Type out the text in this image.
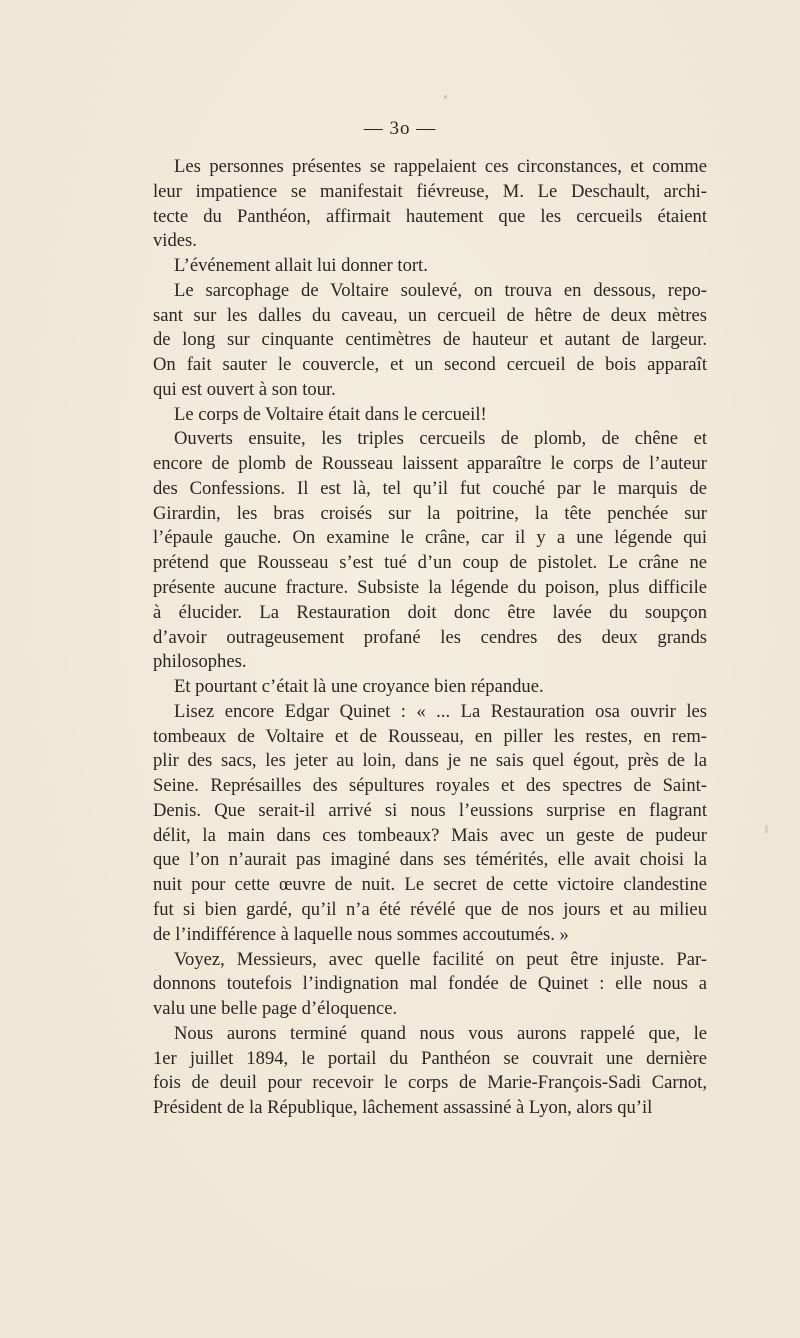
— 3o —
Les personnes présentes se rappelaient ces circonstances, et comme
leur impatience se manifestait fiévreuse, M. Le Deschault, archi-
tecte du Panthéon, affirmait hautement que les cercueils étaient
vides.
L’événement allait lui donner tort.
Le sarcophage de Voltaire soulevé, on trouva en dessous, repo-
sant sur les dalles du caveau, un cercueil de hêtre de deux mètres
de long sur cinquante centimètres de hauteur et autant de largeur.
On fait sauter le couvercle, et un second cercueil de bois apparaît
qui est ouvert à son tour.
Le corps de Voltaire était dans le cercueil!
Ouverts ensuite, les triples cercueils de plomb, de chêne et
encore de plomb de Rousseau laissent apparaître le corps de l’auteur
des Confessions. Il est là, tel qu’il fut couché par le marquis de
Girardin, les bras croisés sur la poitrine, la tête penchée sur
l’épaule gauche. On examine le crâne, car il y a une légende qui
prétend que Rousseau s’est tué d’un coup de pistolet. Le crâne ne
présente aucune fracture. Subsiste la légende du poison, plus difficile
à élucider. La Restauration doit donc être lavée du soupçon
d’avoir outrageusement profané les cendres des deux grands
philosophes.
Et pourtant c’était là une croyance bien répandue.
Lisez encore Edgar Quinet : « ... La Restauration osa ouvrir les
tombeaux de Voltaire et de Rousseau, en piller les restes, en rem-
plir des sacs, les jeter au loin, dans je ne sais quel égout, près de la
Seine. Représailles des sépultures royales et des spectres de Saint-
Denis. Que serait-il arrivé si nous l’eussions surprise en flagrant
délit, la main dans ces tombeaux? Mais avec un geste de pudeur
que l’on n’aurait pas imaginé dans ses témérités, elle avait choisi la
nuit pour cette œuvre de nuit. Le secret de cette victoire clandestine
fut si bien gardé, qu’il n’a été révélé que de nos jours et au milieu
de l’indifférence à laquelle nous sommes accoutumés. »
Voyez, Messieurs, avec quelle facilité on peut être injuste. Par-
donnons toutefois l’indignation mal fondée de Quinet : elle nous a
valu une belle page d’éloquence.
Nous aurons terminé quand nous vous aurons rappelé que, le
1er juillet 1894, le portail du Panthéon se couvrait une dernière
fois de deuil pour recevoir le corps de Marie-François-Sadi Carnot,
Président de la République, lâchement assassiné à Lyon, alors qu’il
